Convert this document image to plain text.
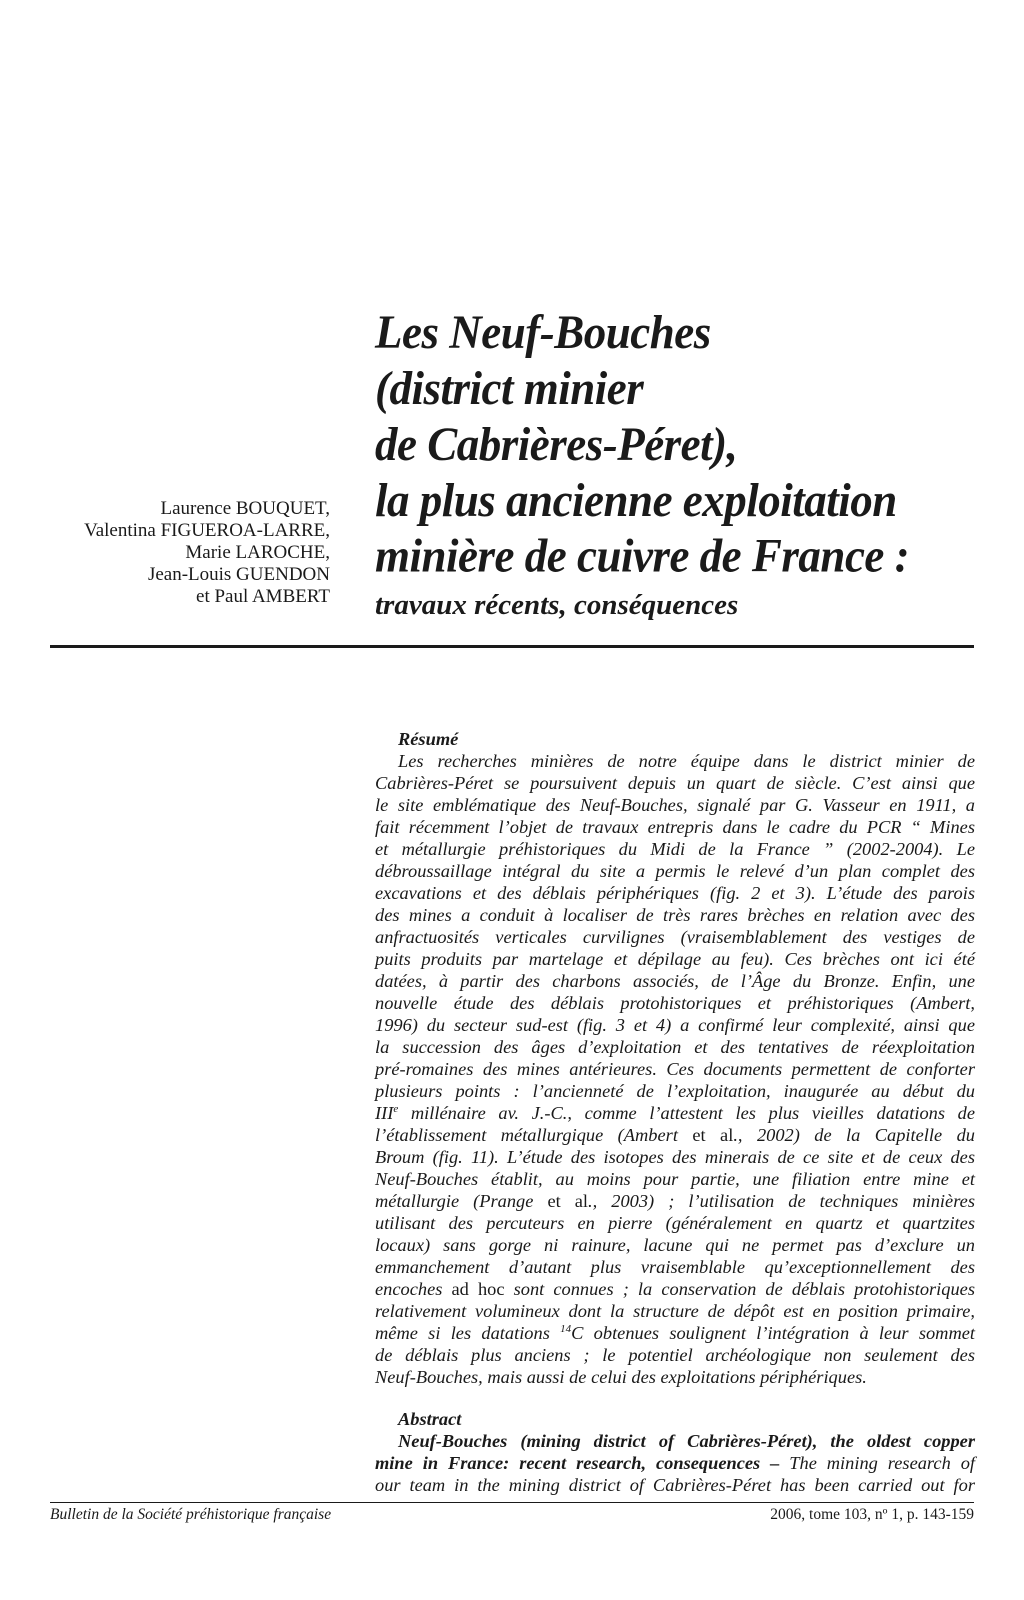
Laurence BOUQUET,
Valentina FIGUEROA-LARRE,
Marie LAROCHE,
Jean-Louis GUENDON
et Paul AMBERT
Les Neuf-Bouches
(district minier
de Cabrières-Péret),
la plus ancienne exploitation
minière de cuivre de France :
travaux récents, conséquences
Résumé
Les recherches minières de notre équipe dans le district minier de
Cabrières-Péret se poursuivent depuis un quart de siècle. C’est ainsi que
le site emblématique des Neuf-Bouches, signalé par G. Vasseur en 1911, a
fait récemment l’objet de travaux entrepris dans le cadre du PCR “ Mines
et métallurgie préhistoriques du Midi de la France ” (2002-2004). Le
débroussaillage intégral du site a permis le relevé d’un plan complet des
excavations et des déblais périphériques (fig. 2 et 3). L’étude des parois
des mines a conduit à localiser de très rares brèches en relation avec des
anfractuosités verticales curvilignes (vraisemblablement des vestiges de
puits produits par martelage et dépilage au feu). Ces brèches ont ici été
datées, à partir des charbons associés, de l’Âge du Bronze. Enfin, une
nouvelle étude des déblais protohistoriques et préhistoriques (Ambert,
1996) du secteur sud-est (fig. 3 et 4) a confirmé leur complexité, ainsi que
la succession des âges d’exploitation et des tentatives de réexploitation
pré-romaines des mines antérieures. Ces documents permettent de conforter
plusieurs points : l’ancienneté de l’exploitation, inaugurée au début du
IIIe millénaire av. J.-C., comme l’attestent les plus vieilles datations de
l’établissement métallurgique (Ambert et al., 2002) de la Capitelle du
Broum (fig. 11). L’étude des isotopes des minerais de ce site et de ceux des
Neuf-Bouches établit, au moins pour partie, une filiation entre mine et
métallurgie (Prange et al., 2003) ; l’utilisation de techniques minières
utilisant des percuteurs en pierre (généralement en quartz et quartzites
locaux) sans gorge ni rainure, lacune qui ne permet pas d’exclure un
emmanchement d’autant plus vraisemblable qu’exceptionnellement des
encoches ad hoc sont connues ; la conservation de déblais protohistoriques
relativement volumineux dont la structure de dépôt est en position primaire,
même si les datations $^{14}$C obtenues soulignent l’intégration à leur sommet
de déblais plus anciens ; le potentiel archéologique non seulement des
Neuf-Bouches, mais aussi de celui des exploitations périphériques.
Abstract
Neuf-Bouches (mining district of Cabrières-Péret), the oldest copper
mine in France: recent research, consequences – The mining research of
our team in the mining district of Cabrières-Péret has been carried out for
Bulletin de la Société préhistorique française	2006, tome 103, nº 1, p. 143-159
